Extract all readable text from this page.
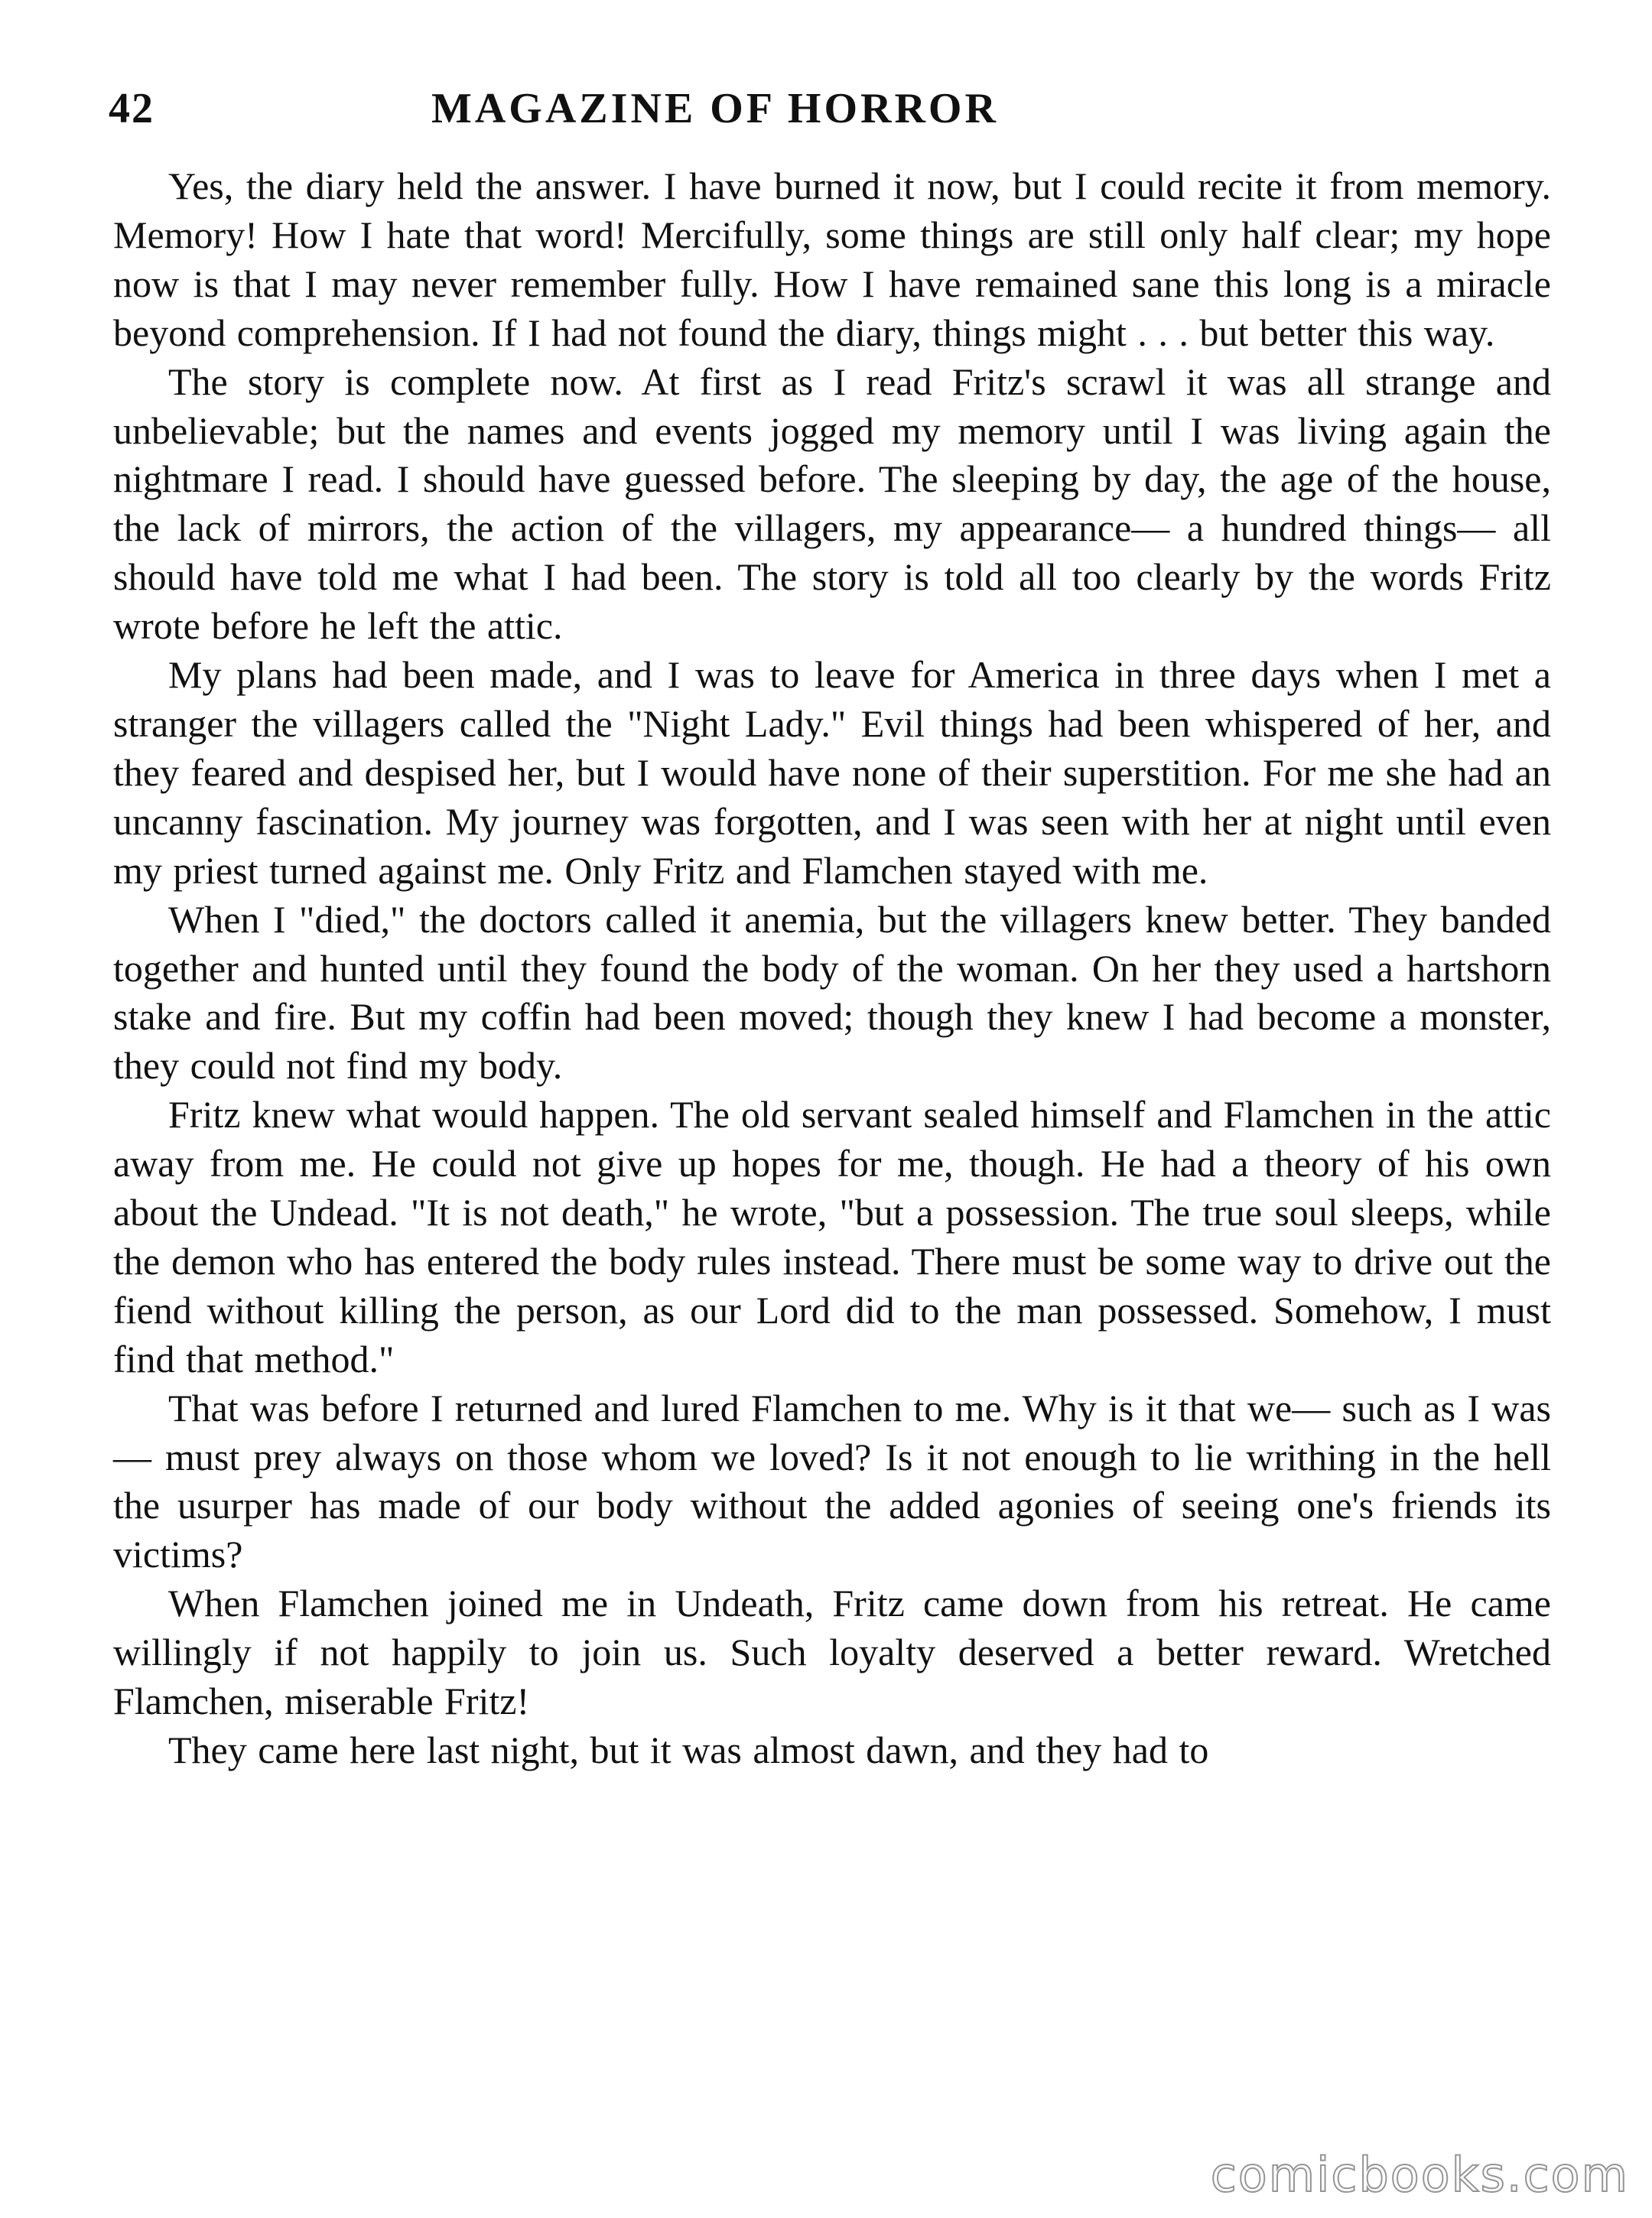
42	MAGAZINE OF HORROR

Yes, the diary held the answer. I have burned it now, but I could recite it from memory. Memory! How I hate that word! Mercifully, some things are still only half clear; my hope now is that I may never remember fully. How I have remained sane this long is a miracle beyond comprehension. If I had not found the diary, things might . . . but better this way.

The story is complete now. At first as I read Fritz's scrawl it was all strange and unbelievable; but the names and events jogged my memory until I was living again the nightmare I read. I should have guessed before. The sleeping by day, the age of the house, the lack of mirrors, the action of the villagers, my appearance— a hundred things— all should have told me what I had been. The story is told all too clearly by the words Fritz wrote before he left the attic.

My plans had been made, and I was to leave for America in three days when I met a stranger the villagers called the "Night Lady." Evil things had been whispered of her, and they feared and despised her, but I would have none of their superstition. For me she had an uncanny fascination. My journey was forgotten, and I was seen with her at night until even my priest turned against me. Only Fritz and Flamchen stayed with me.

When I "died," the doctors called it anemia, but the villagers knew better. They banded together and hunted until they found the body of the woman. On her they used a hartshorn stake and fire. But my coffin had been moved; though they knew I had become a monster, they could not find my body.

Fritz knew what would happen. The old servant sealed himself and Flamchen in the attic away from me. He could not give up hopes for me, though. He had a theory of his own about the Undead. "It is not death," he wrote, "but a possession. The true soul sleeps, while the demon who has entered the body rules instead. There must be some way to drive out the fiend without killing the person, as our Lord did to the man possessed. Somehow, I must find that method."

That was before I returned and lured Flamchen to me. Why is it that we— such as I was— must prey always on those whom we loved? Is it not enough to lie writhing in the hell the usurper has made of our body without the added agonies of seeing one's friends its victims?

When Flamchen joined me in Undeath, Fritz came down from his retreat. He came willingly if not happily to join us. Such loyalty deserved a better reward. Wretched Flamchen, miserable Fritz!

They came here last night, but it was almost dawn, and they had to

comicbooks.com
